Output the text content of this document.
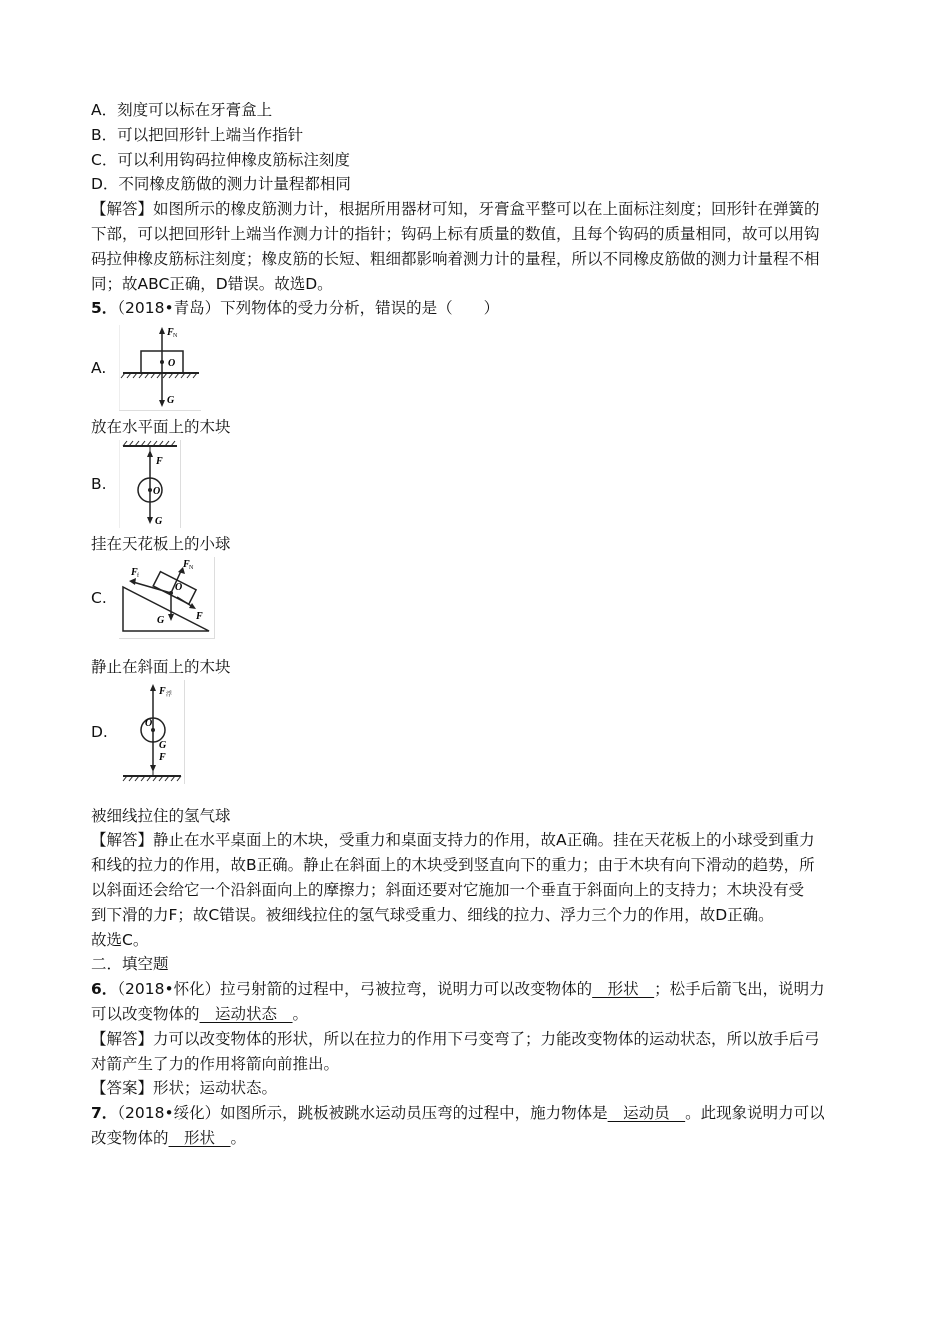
A．刻度可以标在牙膏盒上
B．可以把回形针上端当作指针
C．可以利用钩码拉伸橡皮筋标注刻度
D．不同橡皮筋做的测力计量程都相同
【解答】如图所示的橡皮筋测力计，根据所用器材可知，牙膏盒平整可以在上面标注刻度；回形针在弹簧的
下部，可以把回形针上端当作测力计的指针；钩码上标有质量的数值，且每个钩码的质量相同，故可以用钩
码拉伸橡皮筋标注刻度；橡皮筋的长短、粗细都影响着测力计的量程，所以不同橡皮筋做的测力计量程不相
同；故ABC正确，D错误。故选D。
5．（2018•青岛）下列物体的受力分析，错误的是（　　）
A.
F N
O
G
放在水平面上的木块
B.
F
O
G
挂在天花板上的小球
C.
F f
F N
O
F
G
静止在斜面上的木块
D.
F 浮
O
G
F
被细线拉住的氢气球
【解答】静止在水平桌面上的木块，受重力和桌面支持力的作用，故A正确。挂在天花板上的小球受到重力
和线的拉力的作用，故B正确。静止在斜面上的木块受到竖直向下的重力；由于木块有向下滑动的趋势，所
以斜面还会给它一个沿斜面向上的摩擦力；斜面还要对它施加一个垂直于斜面向上的支持力；木块没有受
到下滑的力F；故C错误。被细线拉住的氢气球受重力、细线的拉力、浮力三个力的作用，故D正确。
故选C。
二．填空题
6．（2018•怀化）拉弓射箭的过程中，弓被拉弯，说明力可以改变物体的　形状　；松手后箭飞出，说明力
可以改变物体的　运动状态　。
【解答】力可以改变物体的形状，所以在拉力的作用下弓变弯了；力能改变物体的运动状态，所以放手后弓
对箭产生了力的作用将箭向前推出。
【答案】形状；运动状态。
7．（2018•绥化）如图所示，跳板被跳水运动员压弯的过程中，施力物体是　运动员　。此现象说明力可以
改变物体的　形状　。
